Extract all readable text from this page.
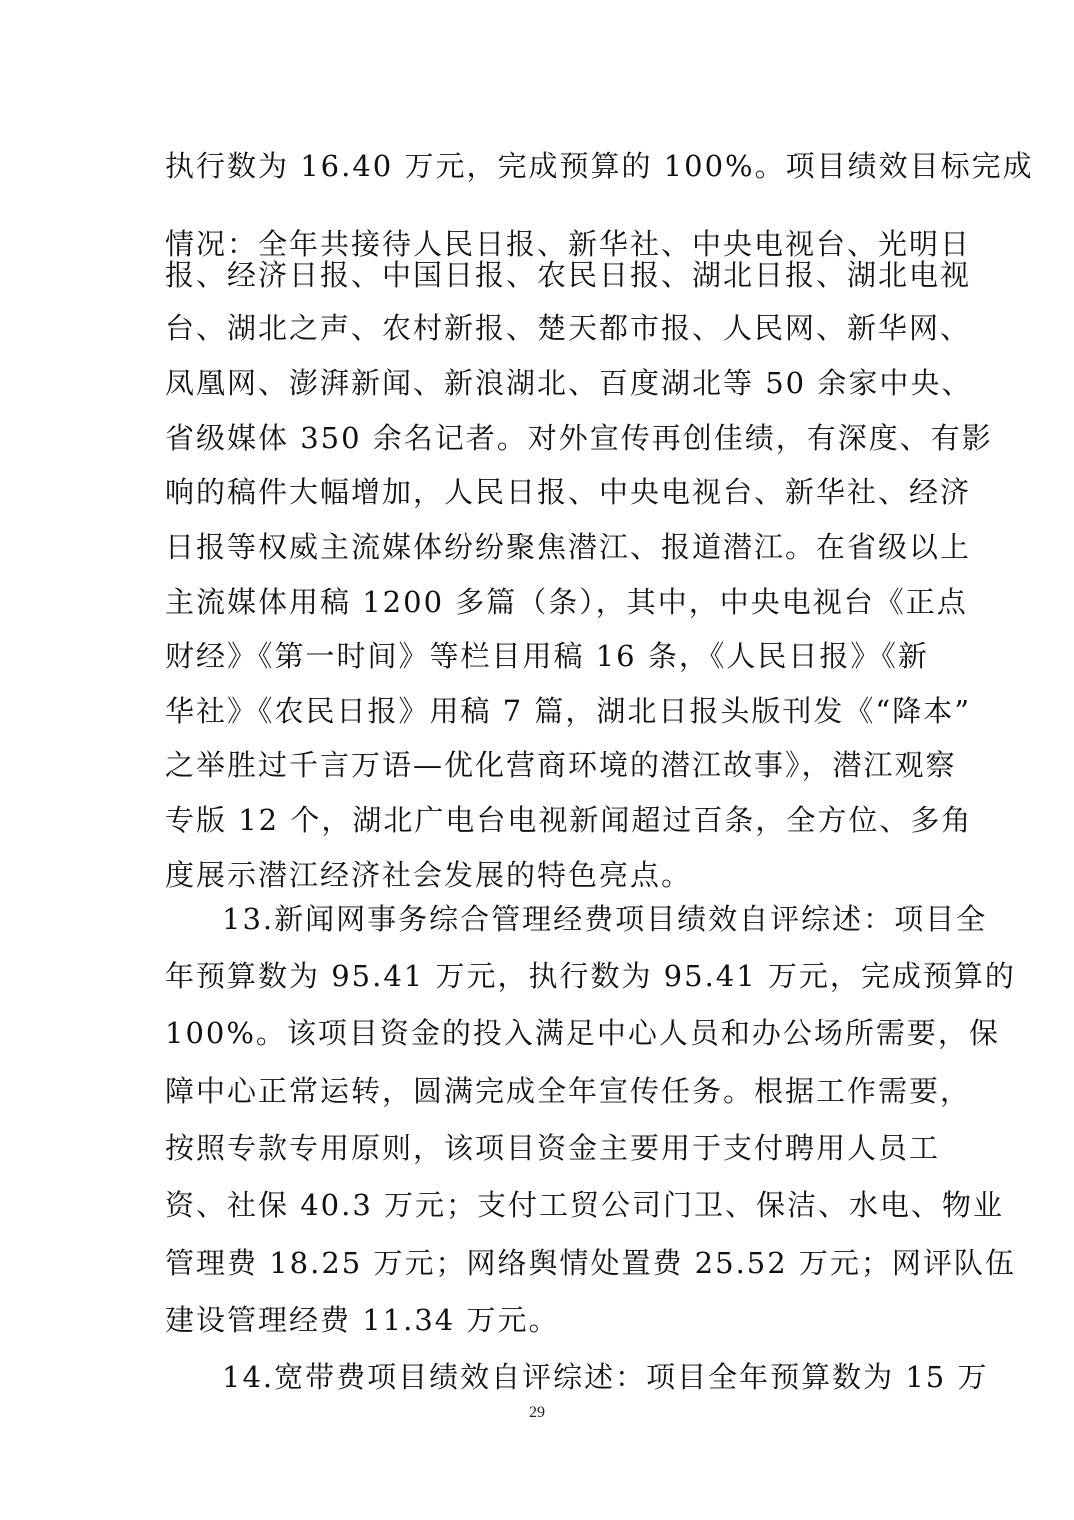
执行数为 16.40 万元，完成预算的 100%。项目绩效目标完成
情况：全年共接待人民日报、新华社、中央电视台、光明日
报、经济日报、中国日报、农民日报、湖北日报、湖北电视
台、湖北之声、农村新报、楚天都市报、人民网、新华网、
凤凰网、澎湃新闻、新浪湖北、百度湖北等 50 余家中央、
省级媒体 350 余名记者。对外宣传再创佳绩，有深度、有影
响的稿件大幅增加，人民日报、中央电视台、新华社、经济
日报等权威主流媒体纷纷聚焦潜江、报道潜江。在省级以上
主流媒体用稿 1200 多篇（条），其中，中央电视台《正点
财经》《第一时间》等栏目用稿 16 条，《人民日报》《新
华社》《农民日报》用稿 7 篇，湖北日报头版刊发《“降本”
之举胜过千言万语—优化营商环境的潜江故事》，潜江观察
专版 12 个，湖北广电台电视新闻超过百条，全方位、多角
度展示潜江经济社会发展的特色亮点。
13.新闻网事务综合管理经费项目绩效自评综述：项目全
年预算数为 95.41 万元，执行数为 95.41 万元，完成预算的
100%。该项目资金的投入满足中心人员和办公场所需要，保
障中心正常运转，圆满完成全年宣传任务。根据工作需要，
按照专款专用原则，该项目资金主要用于支付聘用人员工
资、社保 40.3 万元；支付工贸公司门卫、保洁、水电、物业
管理费 18.25 万元；网络舆情处置费 25.52 万元；网评队伍
建设管理经费 11.34 万元。
14.宽带费项目绩效自评综述：项目全年预算数为 15 万
29
